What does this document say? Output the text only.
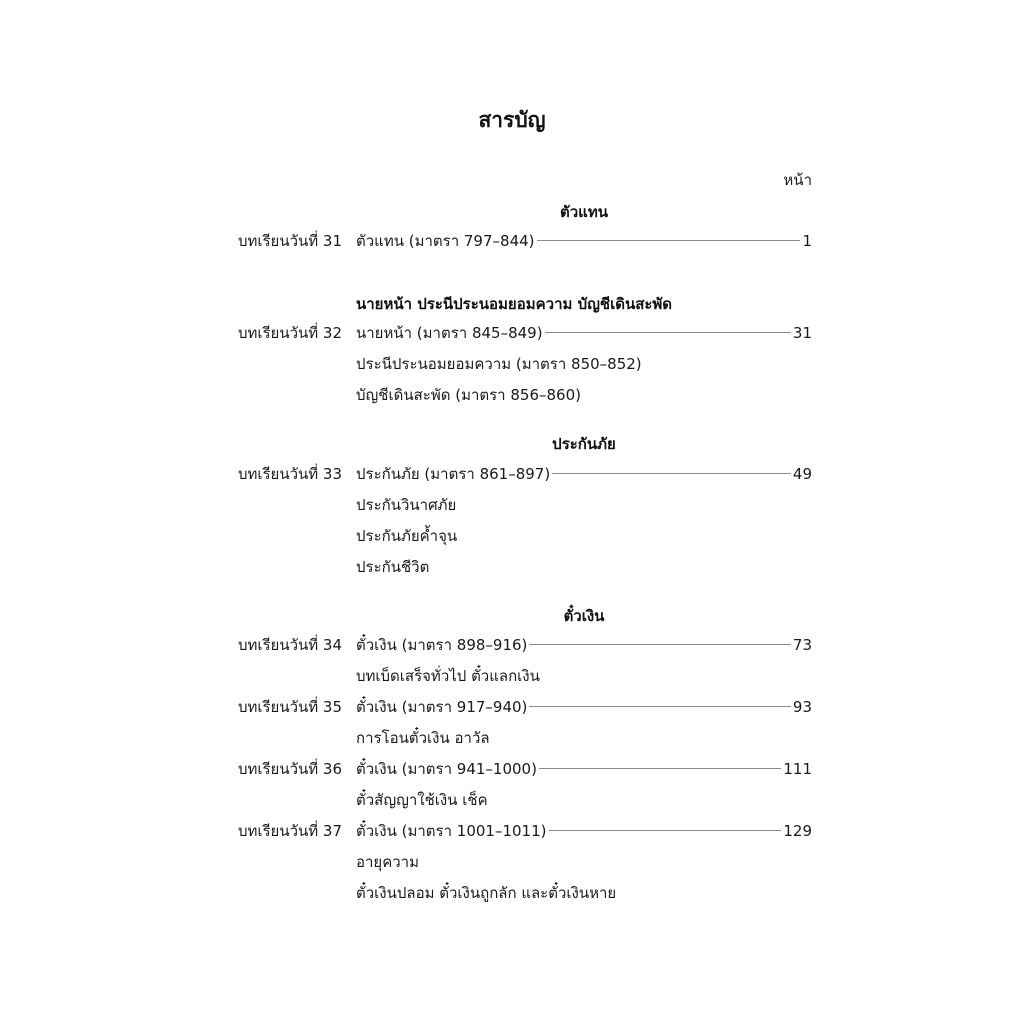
สารบัญ
หน้า
ตัวแทน
บทเรียนวันที่ 31 ตัวแทน (มาตรา 797–844)	1
นายหน้า ประนีประนอมยอมความ บัญชีเดินสะพัด
บทเรียนวันที่ 32 นายหน้า (มาตรา 845–849)	31
ประนีประนอมยอมความ (มาตรา 850–852)
บัญชีเดินสะพัด (มาตรา 856–860)
ประกันภัย
บทเรียนวันที่ 33 ประกันภัย (มาตรา 861–897)	49
ประกันวินาศภัย
ประกันภัยค้ำจุน
ประกันชีวิต
ตั๋วเงิน
บทเรียนวันที่ 34 ตั๋วเงิน (มาตรา 898–916)	73
บทเบ็ดเสร็จทั่วไป ตั๋วแลกเงิน
บทเรียนวันที่ 35 ตั๋วเงิน (มาตรา 917–940)	93
การโอนตั๋วเงิน อาวัล
บทเรียนวันที่ 36 ตั๋วเงิน (มาตรา 941–1000)	111
ตั๋วสัญญาใช้เงิน เช็ค
บทเรียนวันที่ 37 ตั๋วเงิน (มาตรา 1001–1011)	129
อายุความ
ตั๋วเงินปลอม ตั๋วเงินถูกลัก และตั๋วเงินหาย
